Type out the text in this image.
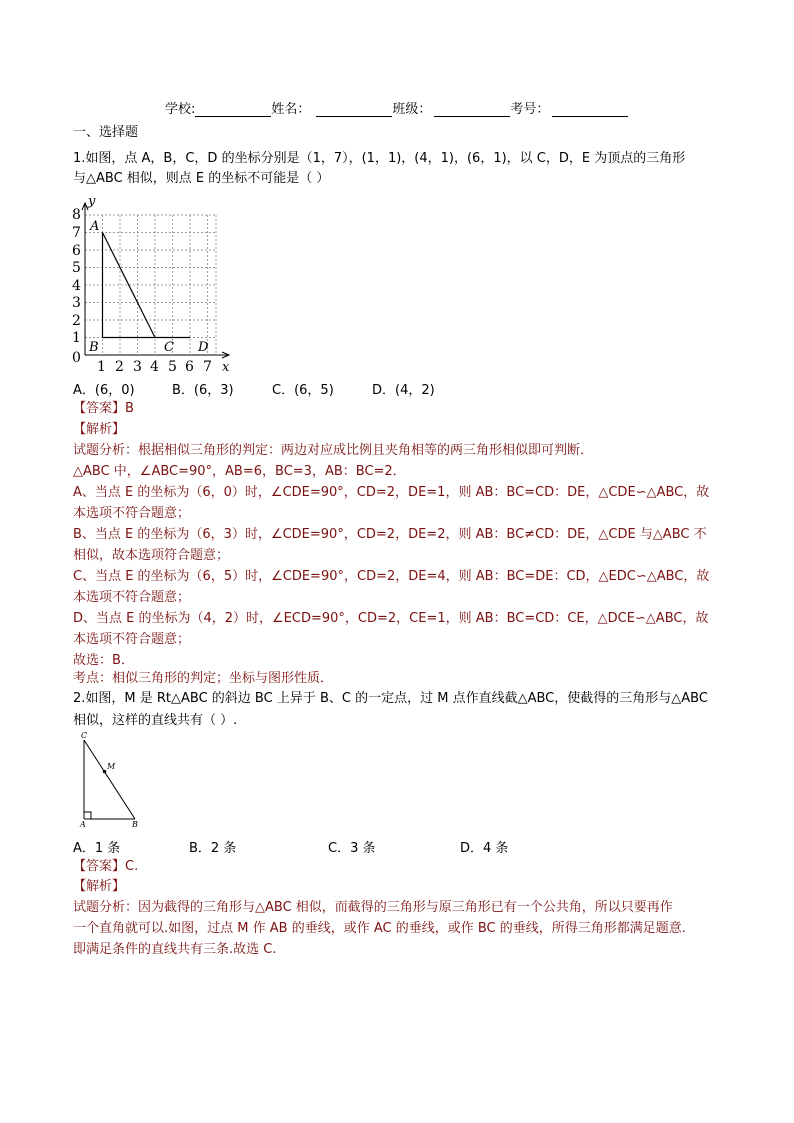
学校:	姓名：	班级：	考号：
一、选择题
1.如图，点 A，B，C，D 的坐标分别是（1，7），(1，1)，(4，1)，(6，1)，以 C，D，E 为顶点的三角形
与△ABC 相似，则点 E 的坐标不可能是（ ）
0
1 2 3 4 5 6 7
1
2
3
4
5
6
7
8
y
x
A
B	C D
A．(6，0)	B．(6，3)	C．(6，5)	D．(4，2)
【答案】B
【解析】
试题分析：根据相似三角形的判定：两边对应成比例且夹角相等的两三角形相似即可判断．
△ABC 中，∠ABC=90°，AB=6，BC=3，AB：BC=2．
A、当点 E 的坐标为（6，0）时，∠CDE=90°，CD=2，DE=1，则 AB：BC=CD：DE，△CDE∽△ABC，故
本选项不符合题意；
B、当点 E 的坐标为（6，3）时，∠CDE=90°，CD=2，DE=2，则 AB：BC≠CD：DE，△CDE 与△ABC 不
相似，故本选项符合题意；
C、当点 E 的坐标为（6，5）时，∠CDE=90°，CD=2，DE=4，则 AB：BC=DE：CD，△EDC∽△ABC，故
本选项不符合题意；
D、当点 E 的坐标为（4，2）时，∠ECD=90°，CD=2，CE=1，则 AB：BC=CD：CE，△DCE∽△ABC，故
本选项不符合题意；
故选：B．
考点：相似三角形的判定；坐标与图形性质．
2.如图，M 是 Rt△ABC 的斜边 BC 上异于 B、C 的一定点，过 M 点作直线截△ABC，使截得的三角形与△ABC
相似，这样的直线共有（ ）.
C
M
A	B
A．1 条	B．2 条	C．3 条	D．4 条
【答案】C.
【解析】
试题分析：因为截得的三角形与△ABC 相似，而截得的三角形与原三角形已有一个公共角，所以只要再作
一个直角就可以.如图，过点 M 作 AB 的垂线，或作 AC 的垂线，或作 BC 的垂线，所得三角形都满足题意.
即满足条件的直线共有三条.故选 C.
